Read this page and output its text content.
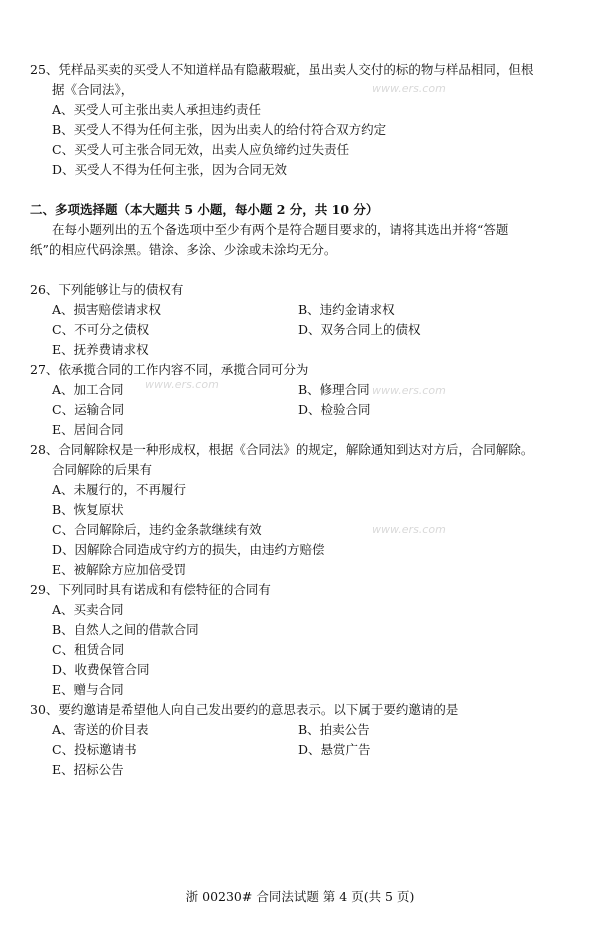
25、凭样品买卖的买受人不知道样品有隐蔽瑕疵，虽出卖人交付的标的物与样品相同，但根
据《合同法》，
A、买受人可主张出卖人承担违约责任
B、买受人不得为任何主张，因为出卖人的给付符合双方约定
C、买受人可主张合同无效，出卖人应负缔约过失责任
D、买受人不得为任何主张，因为合同无效
二、多项选择题（本大题共 5 小题，每小题 2 分，共 10 分）
在每小题列出的五个备选项中至少有两个是符合题目要求的，请将其选出并将“答题
纸”的相应代码涂黑。错涂、多涂、少涂或未涂均无分。
26、下列能够让与的债权有
A、损害赔偿请求权	B、违约金请求权
C、不可分之债权	D、双务合同上的债权
E、抚养费请求权
27、依承揽合同的工作内容不同，承揽合同可分为
A、加工合同	B、修理合同
C、运输合同	D、检验合同
E、居间合同
28、合同解除权是一种形成权，根据《合同法》的规定，解除通知到达对方后，合同解除。
合同解除的后果有
A、未履行的，不再履行
B、恢复原状
C、合同解除后，违约金条款继续有效
D、因解除合同造成守约方的损失，由违约方赔偿
E、被解除方应加倍受罚
29、下列同时具有诺成和有偿特征的合同有
A、买卖合同
B、自然人之间的借款合同
C、租赁合同
D、收费保管合同
E、赠与合同
30、要约邀请是希望他人向自己发出要约的意思表示。以下属于要约邀请的是
A、寄送的价目表	B、拍卖公告
C、投标邀请书	D、悬赏广告
E、招标公告
www.ers.com
www.ers.com
www.ers.com
www.ers.com
浙 00230# 合同法试题 第 4 页(共 5 页)
